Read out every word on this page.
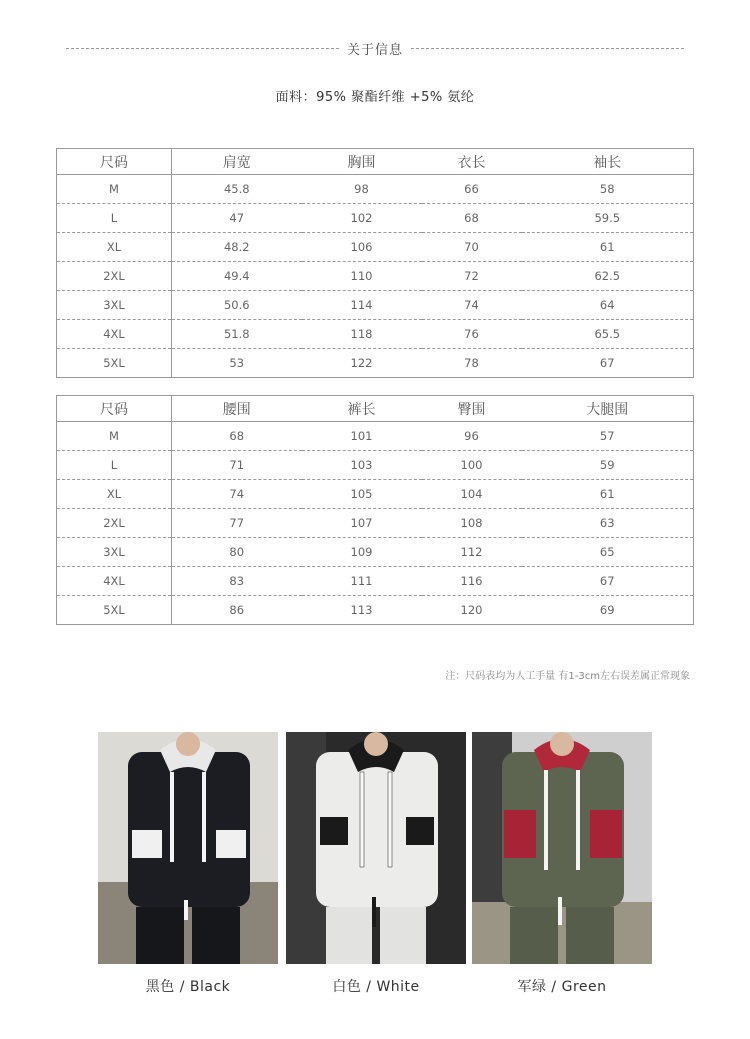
关于信息
面料：95% 聚酯纤维 +5% 氨纶
尺码	肩宽	胸围	衣长	袖长
M	45.8	98	66	58
L	47	102	68	59.5
XL	48.2	106	70	61
2XL	49.4	110	72	62.5
3XL	50.6	114	74	64
4XL	51.8	118	76	65.5
5XL	53	122	78	67
尺码	腰围	裤长	臀围	大腿围
M	68	101	96	57
L	71	103	100	59
XL	74	105	104	61
2XL	77	107	108	63
3XL	80	109	112	65
4XL	83	111	116	67
5XL	86	113	120	69
注：尺码表均为人工手量 有1-3cm左右误差属正常现象
黑色 / Black	白色 / White	军绿 / Green
